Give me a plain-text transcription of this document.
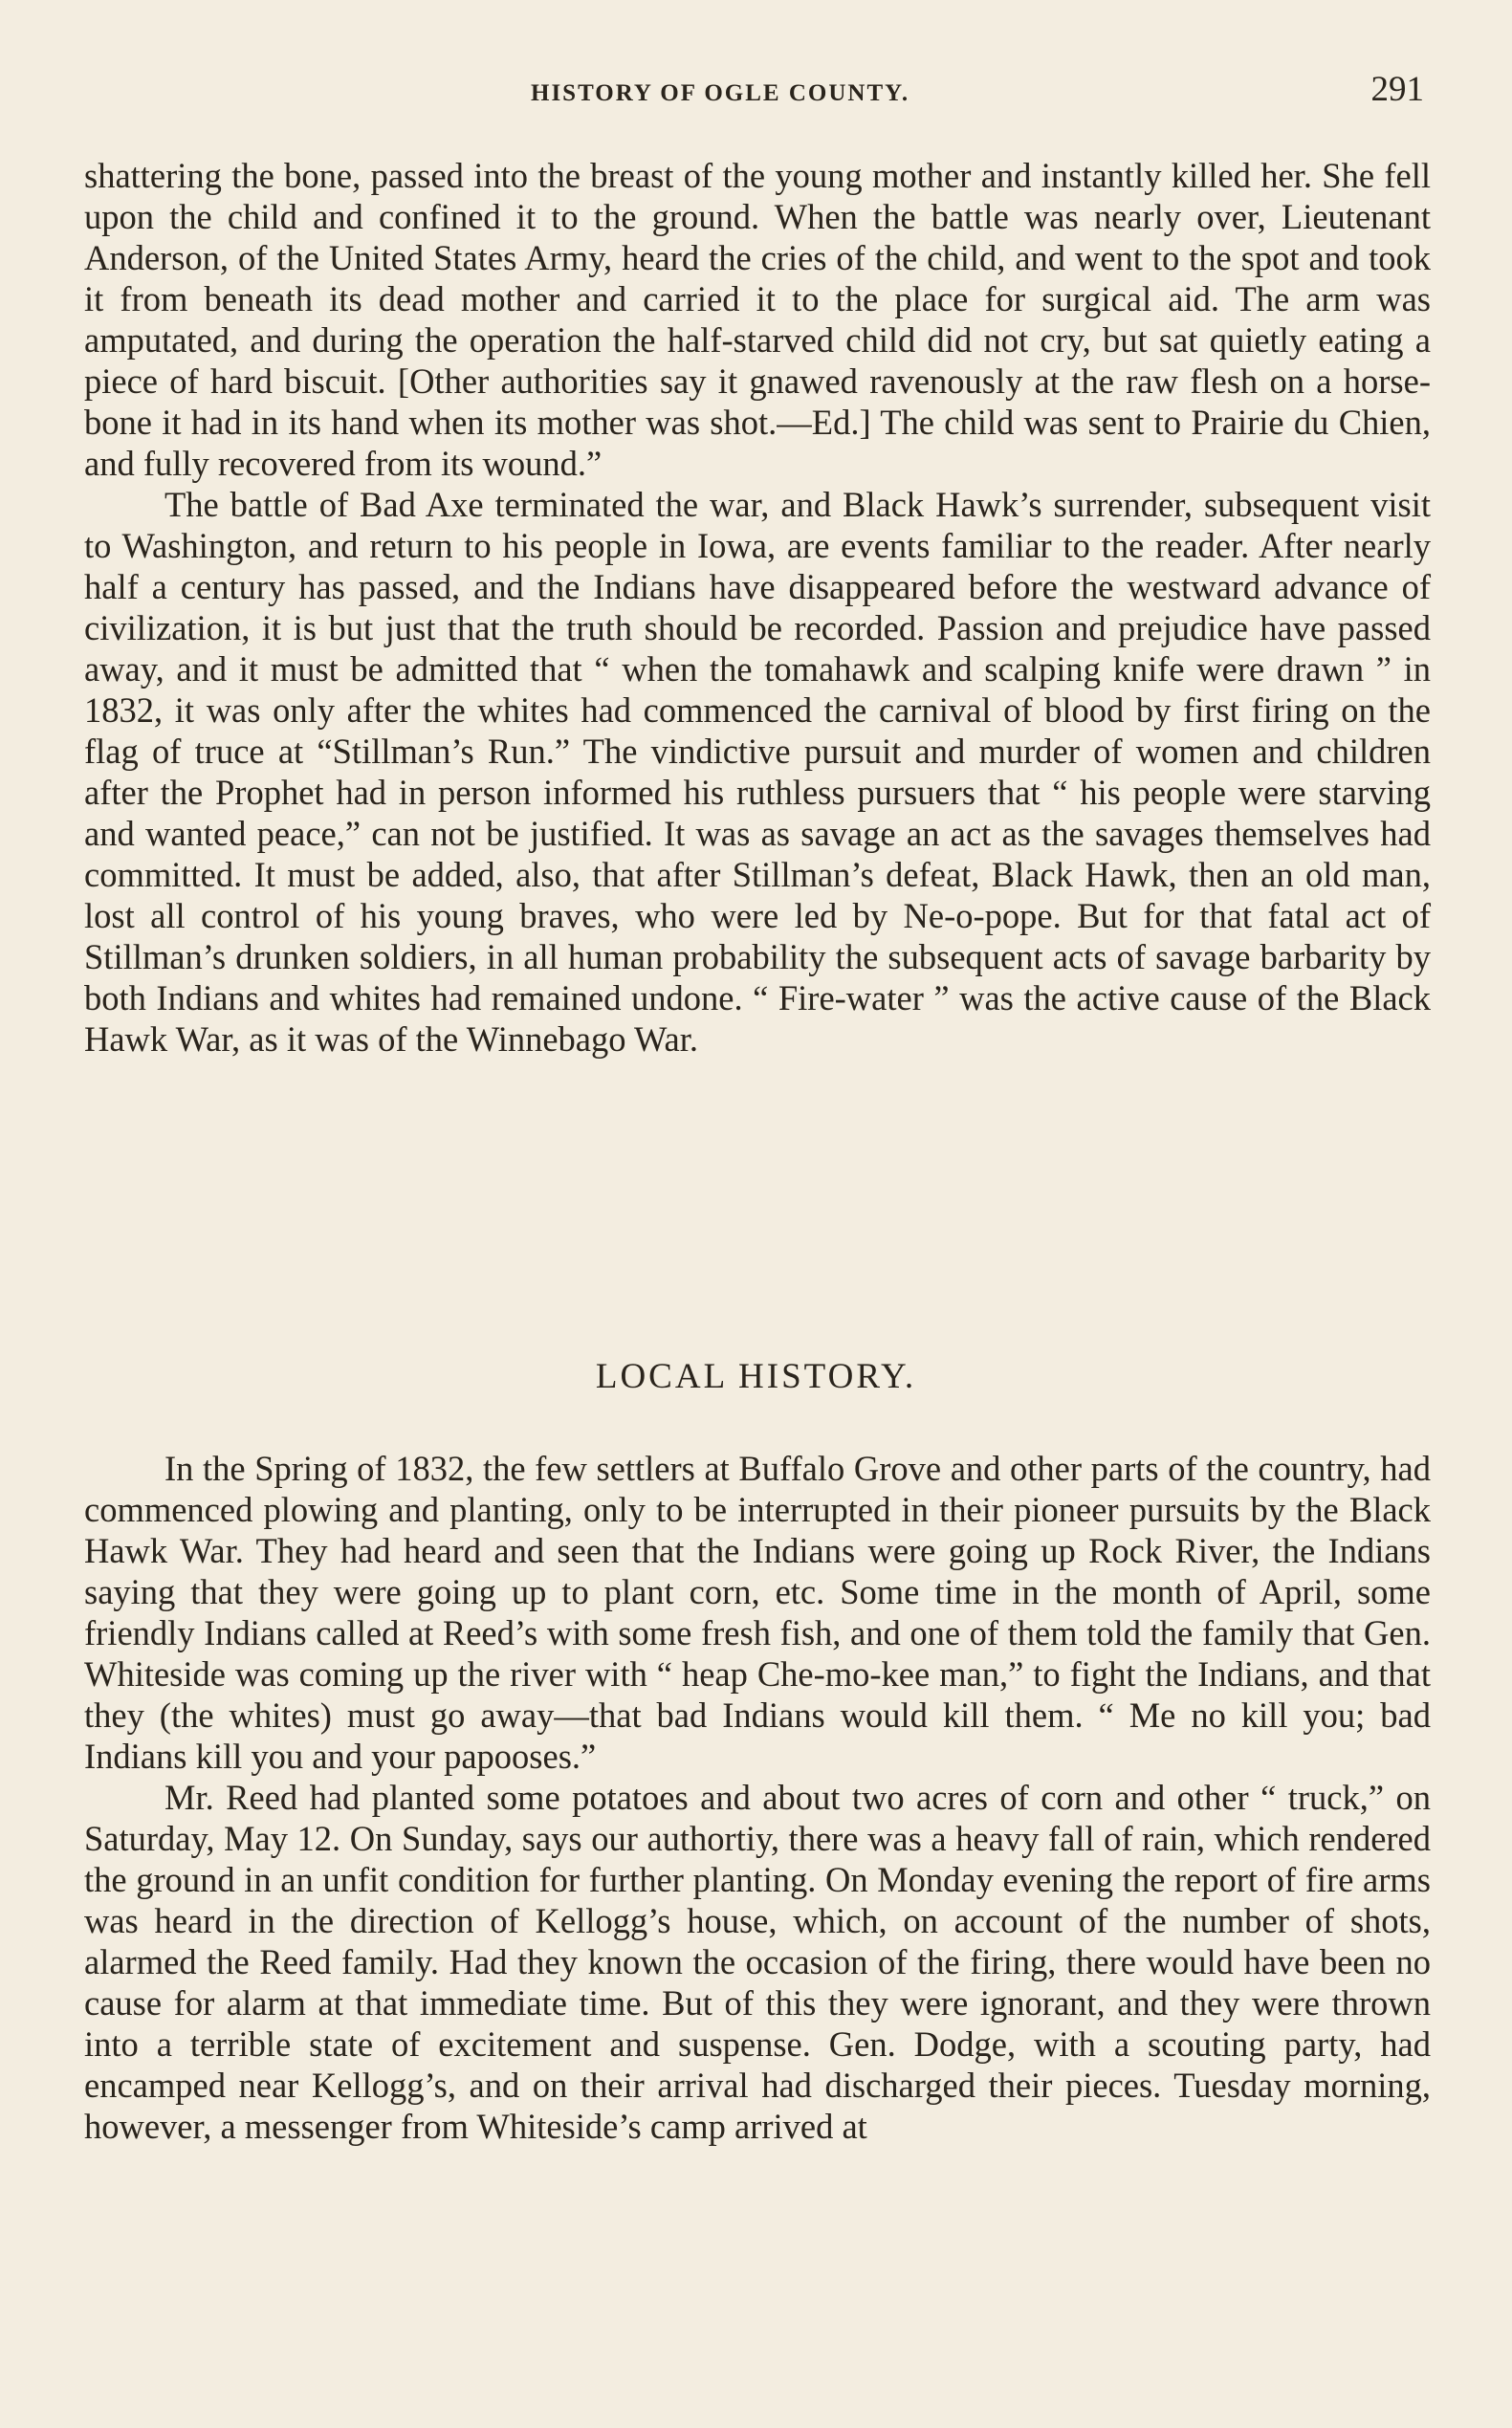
HISTORY OF OGLE COUNTY.	291

shattering the bone, passed into the breast of the young mother and instantly killed her. She fell upon the child and confined it to the ground. When the battle was nearly over, Lieutenant Anderson, of the United States Army, heard the cries of the child, and went to the spot and took it from beneath its dead mother and carried it to the place for surgical aid. The arm was amputated, and during the operation the half-starved child did not cry, but sat quietly eating a piece of hard biscuit. [Other authorities say it gnawed ravenously at the raw flesh on a horse-bone it had in its hand when its mother was shot.—Ed.] The child was sent to Prairie du Chien, and fully recovered from its wound.”

The battle of Bad Axe terminated the war, and Black Hawk’s surrender, subsequent visit to Washington, and return to his people in Iowa, are events familiar to the reader. After nearly half a century has passed, and the Indians have disappeared before the westward advance of civilization, it is but just that the truth should be recorded. Passion and prejudice have passed away, and it must be admitted that “ when the tomahawk and scalping knife were drawn ” in 1832, it was only after the whites had commenced the carnival of blood by first firing on the flag of truce at “Stillman’s Run.” The vindictive pursuit and murder of women and children after the Prophet had in person informed his ruthless pursuers that “ his people were starving and wanted peace,” can not be justified. It was as savage an act as the savages themselves had committed. It must be added, also, that after Stillman’s defeat, Black Hawk, then an old man, lost all control of his young braves, who were led by Ne-o-pope. But for that fatal act of Stillman’s drunken soldiers, in all human probability the subsequent acts of savage barbarity by both Indians and whites had remained undone. “ Fire-water ” was the active cause of the Black Hawk War, as it was of the Winnebago War.

LOCAL HISTORY.

In the Spring of 1832, the few settlers at Buffalo Grove and other parts of the country, had commenced plowing and planting, only to be interrupted in their pioneer pursuits by the Black Hawk War. They had heard and seen that the Indians were going up Rock River, the Indians saying that they were going up to plant corn, etc. Some time in the month of April, some friendly Indians called at Reed’s with some fresh fish, and one of them told the family that Gen. Whiteside was coming up the river with “ heap Che-mo-kee man,” to fight the Indians, and that they (the whites) must go away—that bad Indians would kill them. “ Me no kill you; bad Indians kill you and your papooses.”

Mr. Reed had planted some potatoes and about two acres of corn and other “ truck,” on Saturday, May 12. On Sunday, says our authortiy, there was a heavy fall of rain, which rendered the ground in an unfit condition for further planting. On Monday evening the report of fire arms was heard in the direction of Kellogg’s house, which, on account of the number of shots, alarmed the Reed family. Had they known the occasion of the firing, there would have been no cause for alarm at that immediate time. But of this they were ignorant, and they were thrown into a terrible state of excitement and suspense. Gen. Dodge, with a scouting party, had encamped near Kellogg’s, and on their arrival had discharged their pieces. Tuesday morning, however, a messenger from Whiteside’s camp arrived at
